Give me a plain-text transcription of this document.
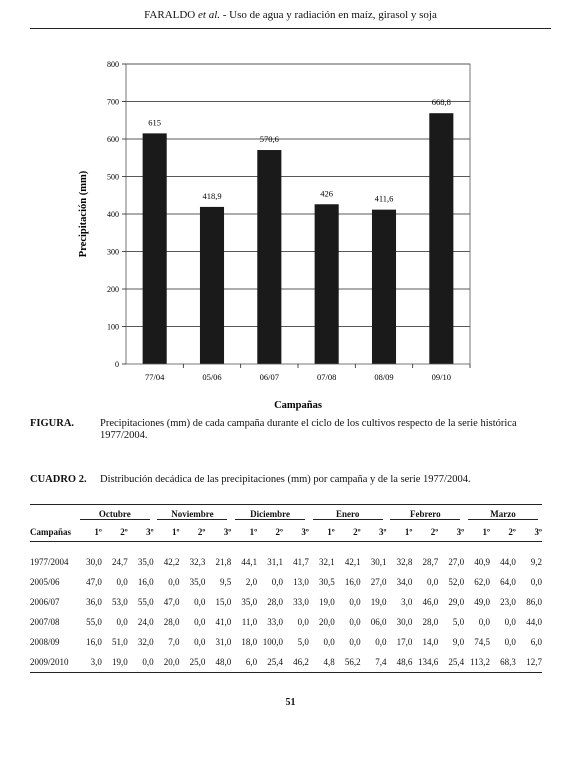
FARALDO et al. - Uso de agua y radiación en maíz, girasol y soja
615
418,9
570,6
426
411,6
668,8
0
100
200
300
400
500
600
700
800
77/04	05/06	06/07	07/08	08/09	09/10
Precipitación (mm)
Campañas
FIGURA. Precipitaciones (mm) de cada campaña durante el ciclo de los cultivos respecto de la serie histórica 1977/2004.
CUADRO 2. Distribución decádica de las precipitaciones (mm) por campaña y de la serie 1977/2004.
	Octubre			Noviembre			Diciembre			Enero			Febrero			Marzo		
Campañas	1º	2º	3º	1º	2º	3º	1º	2º	3º	1º	2º	3º	1º	2º	3º	1º	2º	3º

1977/2004	30,0	24,7	35,0	42,2	32,3	21,8	44,1	31,1	41,7	32,1	42,1	30,1	32,8	28,7	27,0	40,9	44,0	9,2
2005/06	47,0	0,0	16,0	0,0	35,0	9,5	2,0	0,0	13,0	30,5	16,0	27,0	34,0	0,0	52,0	62,0	64,0	0,0
2006/07	36,0	53,0	55,0	47,0	0,0	15,0	35,0	28,0	33,0	19,0	0,0	19,0	3,0	46,0	29,0	49,0	23,0	86,0
2007/08	55,0	0,0	24,0	28,0	0,0	41,0	11,0	33,0	0,0	20,0	0,0	06,0	30,0	28,0	5,0	0,0	0,0	44,0
2008/09	16,0	51,0	32,0	7,0	0,0	31,0	18,0	100,0	5,0	0,0	0,0	0,0	17,0	14,0	9,0	74,5	0,0	6,0
2009/2010	3,0	19,0	0,0	20,0	25,0	48,0	6,0	25,4	46,2	4,8	56,2	7,4	48,6	134,6	25,4	113,2	68,3	12,7
51
